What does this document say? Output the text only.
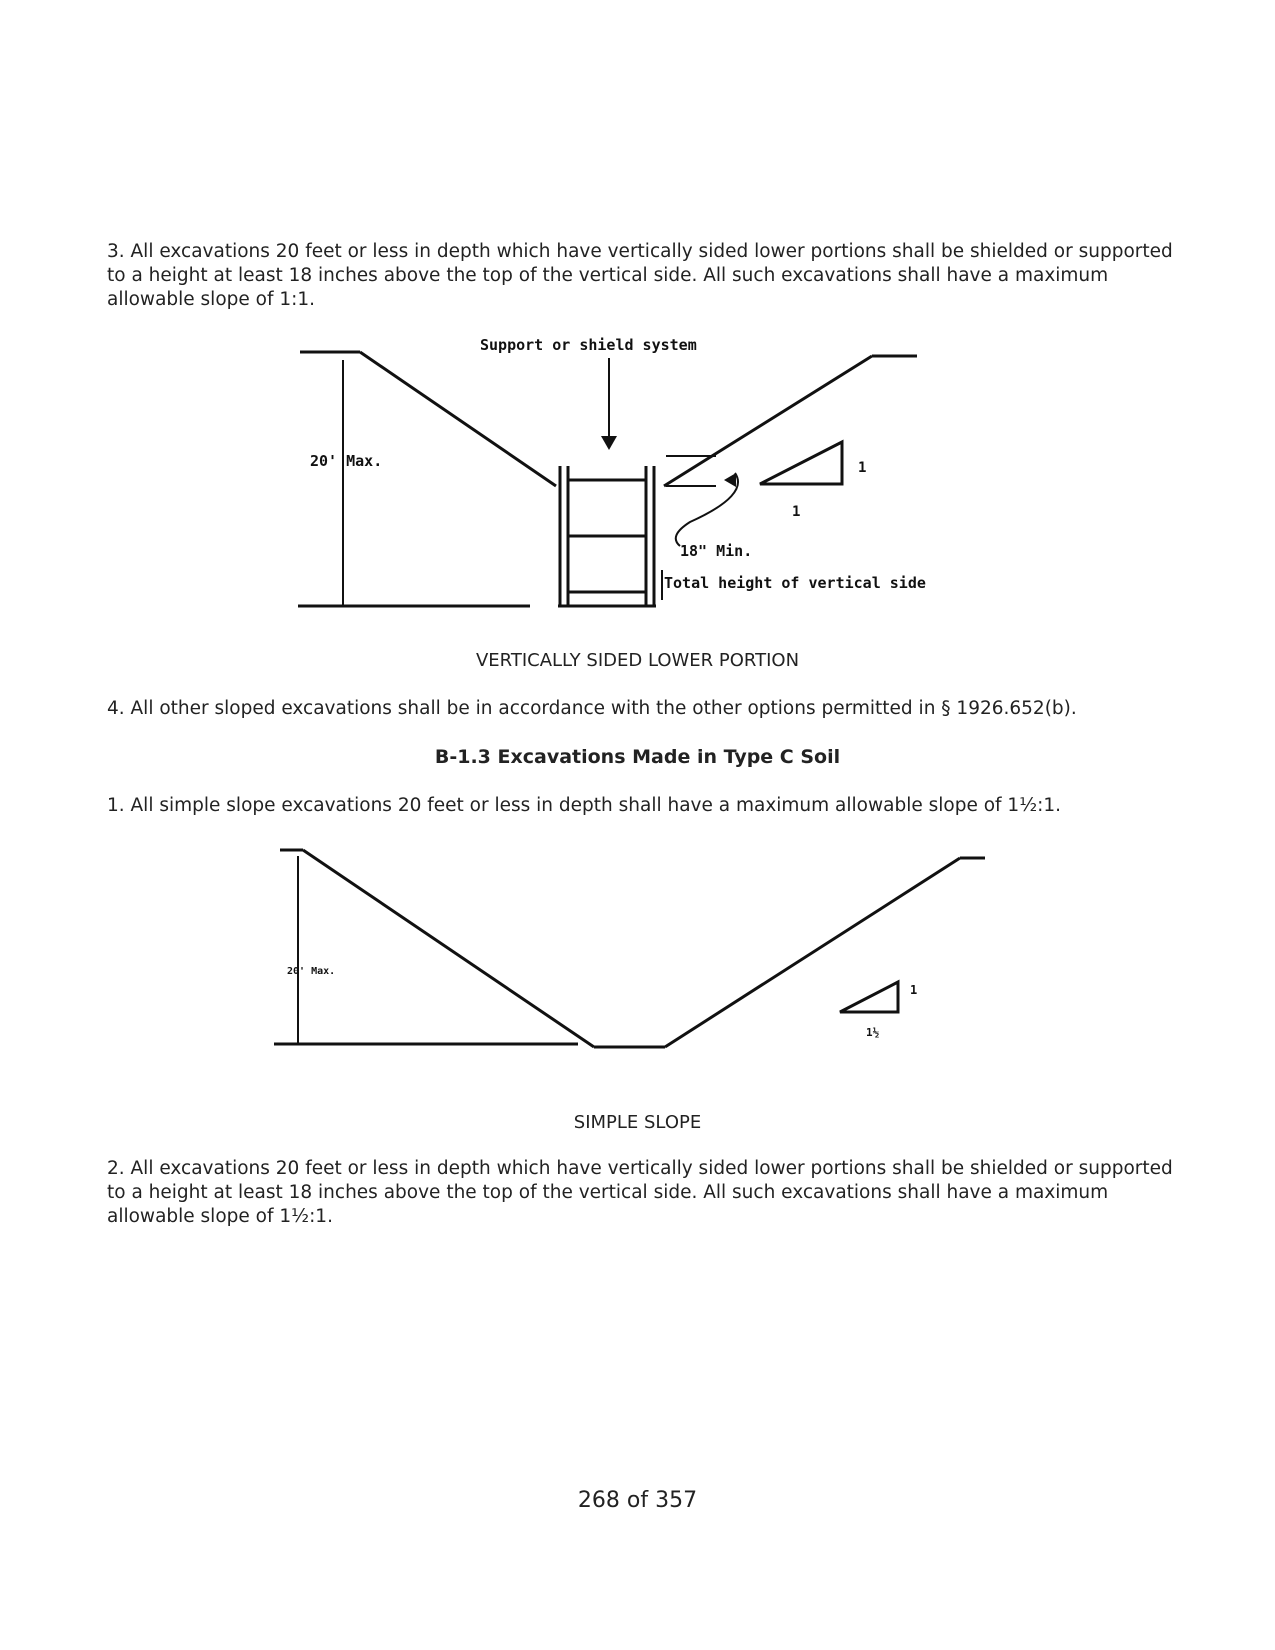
3. All excavations 20 feet or less in depth which have vertically sided lower portions shall be shielded or supported to a height at least 18 inches above the top of the vertical side. All such excavations shall have a maximum allowable slope of 1:1.

20' Max.
Support or shield system
18" Min.
Total height of vertical side
1
1

VERTICALLY SIDED LOWER PORTION

4. All other sloped excavations shall be in accordance with the other options permitted in § 1926.652(b).

B-1.3 Excavations Made in Type C Soil

1. All simple slope excavations 20 feet or less in depth shall have a maximum allowable slope of 1½:1.

20' Max.
1
1½

SIMPLE SLOPE

2. All excavations 20 feet or less in depth which have vertically sided lower portions shall be shielded or supported to a height at least 18 inches above the top of the vertical side. All such excavations shall have a maximum allowable slope of 1½:1.

268 of 357
